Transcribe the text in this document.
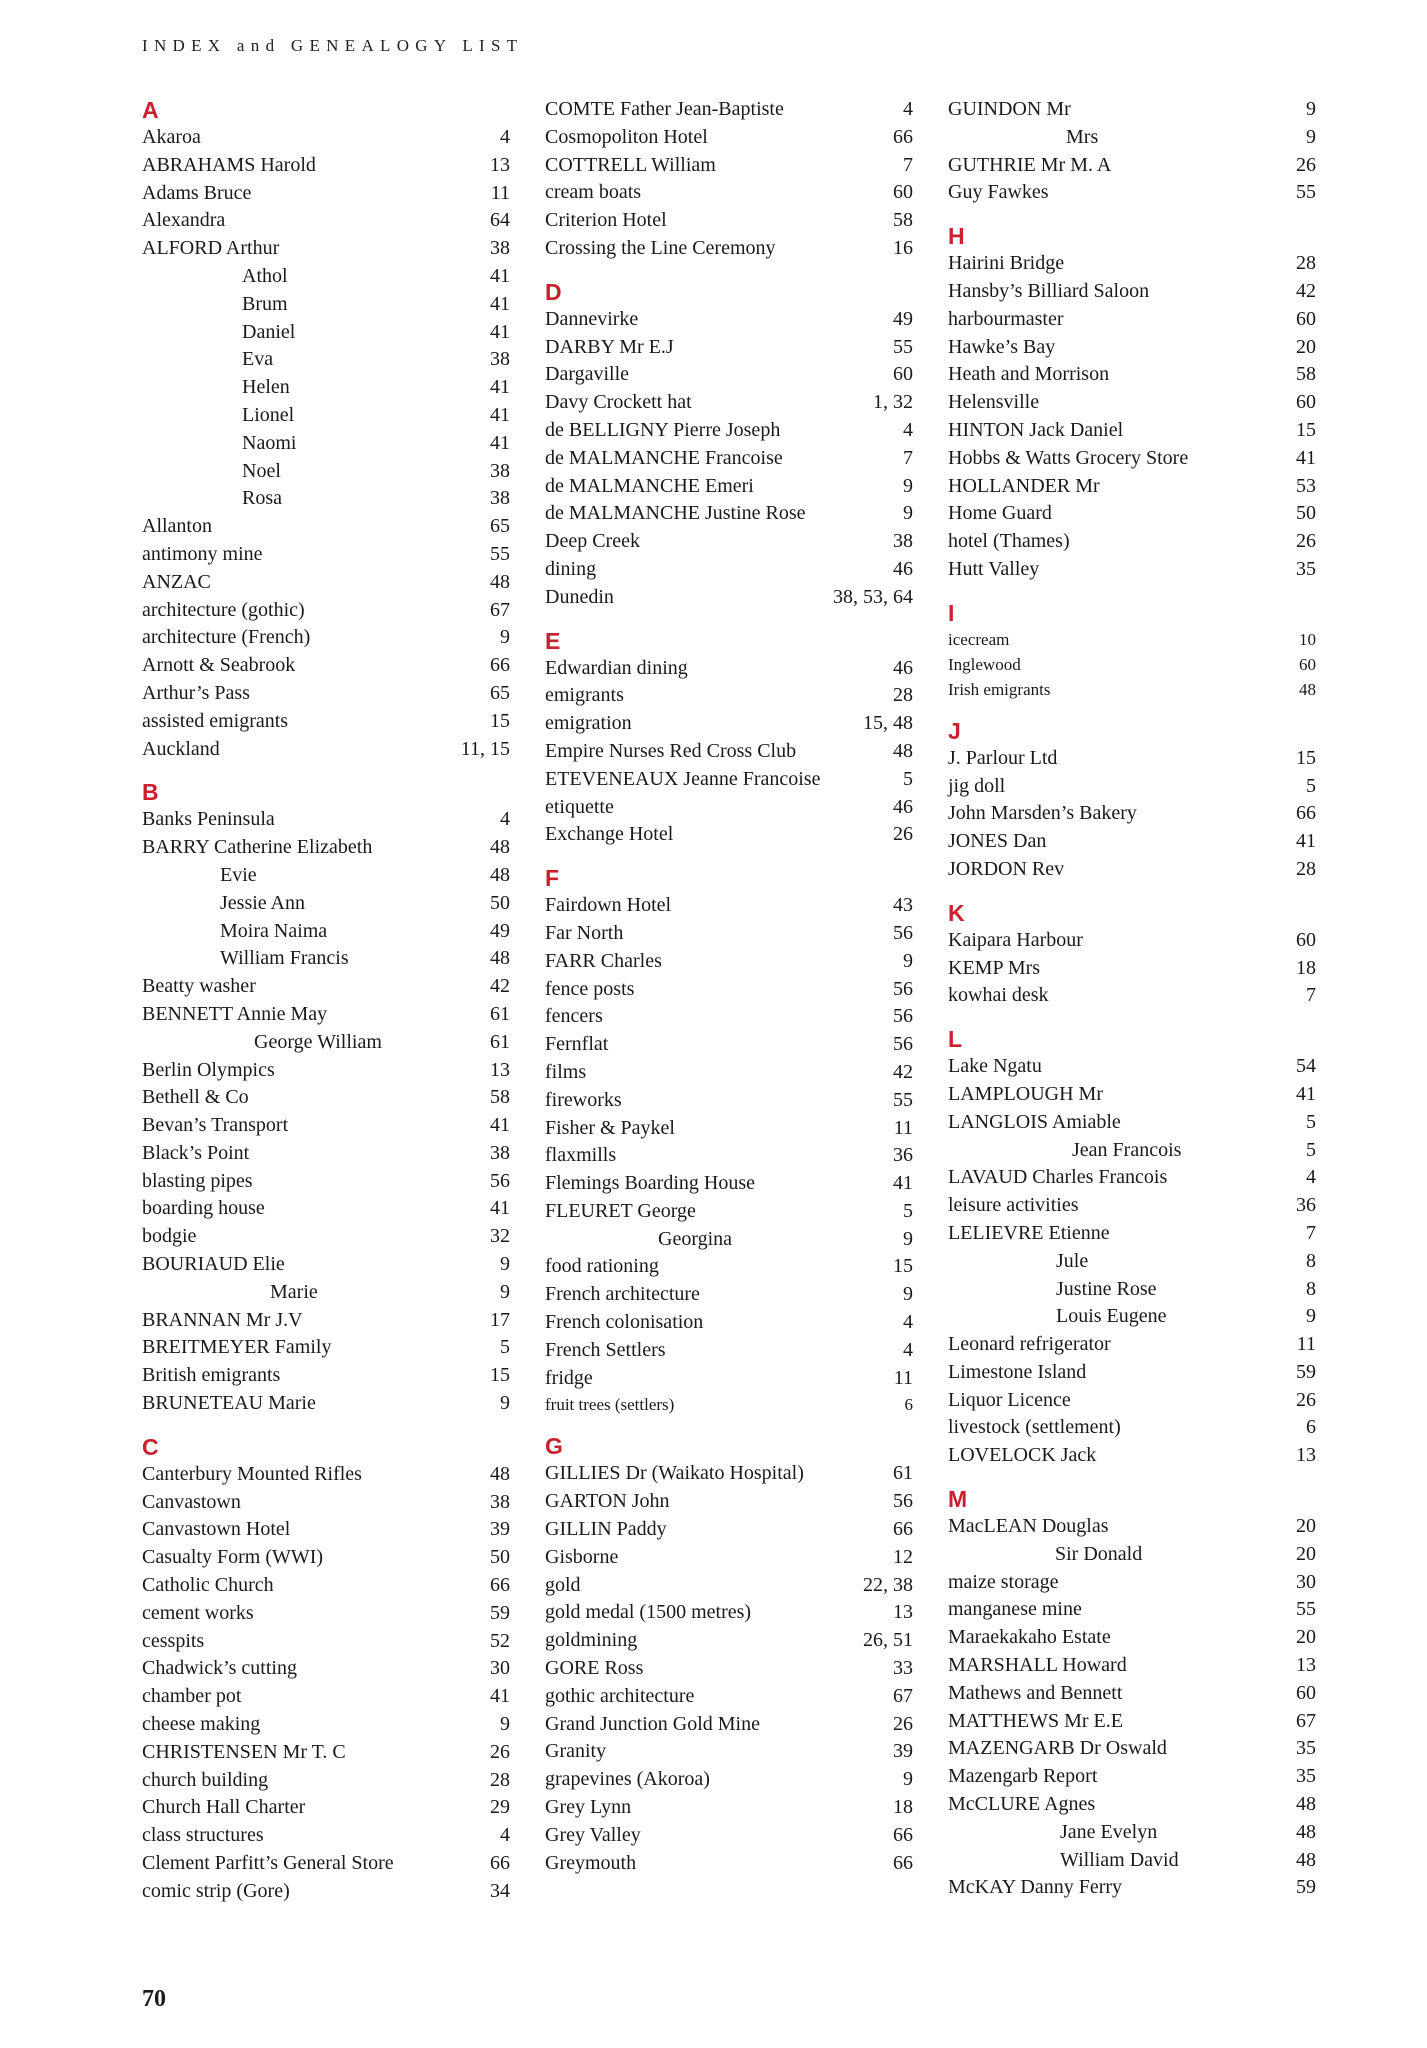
INDEX and GENEALOGY LIST
A
Akaroa	4
ABRAHAMS Harold	13
Adams Bruce	11
Alexandra	64
ALFORD Arthur	38
Athol	41
Brum	41
Daniel	41
Eva	38
Helen	41
Lionel	41
Naomi	41
Noel	38
Rosa	38
Allanton	65
antimony mine	55
ANZAC	48
architecture (gothic)	67
architecture (French)	9
Arnott & Seabrook	66
Arthur’s Pass	65
assisted emigrants	15
Auckland	11, 15
B
Banks Peninsula	4
BARRY Catherine Elizabeth	48
Evie	48
Jessie Ann	50
Moira Naima	49
William Francis	48
Beatty washer	42
BENNETT Annie May	61
George William	61
Berlin Olympics	13
Bethell & Co	58
Bevan’s Transport	41
Black’s Point	38
blasting pipes	56
boarding house	41
bodgie	32
BOURIAUD Elie	9
Marie	9
BRANNAN Mr J.V	17
BREITMEYER Family	5
British emigrants	15
BRUNETEAU Marie	9
C
Canterbury Mounted Rifles	48
Canvastown	38
Canvastown Hotel	39
Casualty Form (WWI)	50
Catholic Church	66
cement works	59
cesspits	52
Chadwick’s cutting	30
chamber pot	41
cheese making	9
CHRISTENSEN Mr T. C	26
church building	28
Church Hall Charter	29
class structures	4
Clement Parfitt’s General Store	66
comic strip (Gore)	34
COMTE Father Jean-Baptiste	4
Cosmopoliton Hotel	66
COTTRELL William	7
cream boats	60
Criterion Hotel	58
Crossing the Line Ceremony	16
D
Dannevirke	49
DARBY Mr E.J	55
Dargaville	60
Davy Crockett hat	1, 32
de BELLIGNY Pierre Joseph	4
de MALMANCHE Francoise	7
de MALMANCHE Emeri	9
de MALMANCHE Justine Rose	9
Deep Creek	38
dining	46
Dunedin	38, 53, 64
E
Edwardian dining	46
emigrants	28
emigration	15, 48
Empire Nurses Red Cross Club	48
ETEVENEAUX Jeanne Francoise	5
etiquette	46
Exchange Hotel	26
F
Fairdown Hotel	43
Far North	56
FARR Charles	9
fence posts	56
fencers	56
Fernflat	56
films	42
fireworks	55
Fisher & Paykel	11
flaxmills	36
Flemings Boarding House	41
FLEURET George	5
Georgina	9
food rationing	15
French architecture	9
French colonisation	4
French Settlers	4
fridge	11
fruit trees (settlers)	6
G
GILLIES Dr (Waikato Hospital)	61
GARTON John	56
GILLIN Paddy	66
Gisborne	12
gold	22, 38
gold medal (1500 metres)	13
goldmining	26, 51
GORE Ross	33
gothic architecture	67
Grand Junction Gold Mine	26
Granity	39
grapevines (Akoroa)	9
Grey Lynn	18
Grey Valley	66
Greymouth	66
GUINDON Mr	9
Mrs	9
GUTHRIE Mr M. A	26
Guy Fawkes	55
H
Hairini Bridge	28
Hansby’s Billiard Saloon	42
harbourmaster	60
Hawke’s Bay	20
Heath and Morrison	58
Helensville	60
HINTON Jack Daniel	15
Hobbs & Watts Grocery Store	41
HOLLANDER Mr	53
Home Guard	50
hotel (Thames)	26
Hutt Valley	35
I
icecream	10
Inglewood	60
Irish emigrants	48
J
J. Parlour Ltd	15
jig doll	5
John Marsden’s Bakery	66
JONES Dan	41
JORDON Rev	28
K
Kaipara Harbour	60
KEMP Mrs	18
kowhai desk	7
L
Lake Ngatu	54
LAMPLOUGH Mr	41
LANGLOIS Amiable	5
Jean Francois	5
LAVAUD Charles Francois	4
leisure activities	36
LELIEVRE Etienne	7
Jule	8
Justine Rose	8
Louis Eugene	9
Leonard refrigerator	11
Limestone Island	59
Liquor Licence	26
livestock (settlement)	6
LOVELOCK Jack	13
M
MacLEAN Douglas	20
Sir Donald	20
maize storage	30
manganese mine	55
Maraekakaho Estate	20
MARSHALL Howard	13
Mathews and Bennett	60
MATTHEWS Mr E.E	67
MAZENGARB Dr Oswald	35
Mazengarb Report	35
McCLURE Agnes	48
Jane Evelyn	48
William David	48
McKAY Danny Ferry	59
70
